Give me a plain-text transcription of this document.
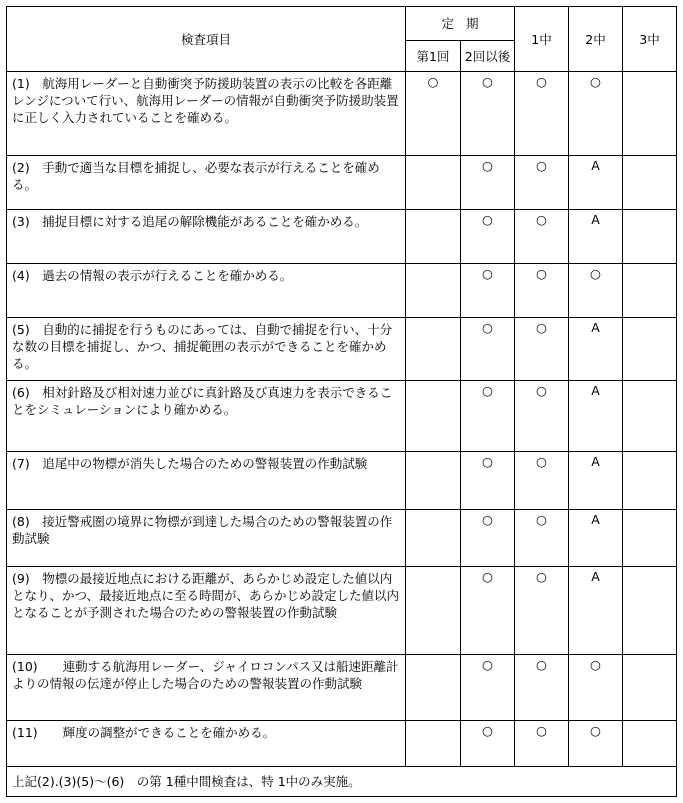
検査項目	定期		1中	2中	3中
	第1回	2回以後			
(1)　航海用レーダーと自動衝突予防援助装置の表示の比較を各距離レンジについて行い、航海用レーダーの情報が自動衝突予防援助装置に正しく入力されていることを確める。	○	○	○	○	
(2)　手動で適当な目標を捕捉し、必要な表示が行えることを確める。		○	○	A	
(3)　捕捉目標に対する追尾の解除機能があることを確かめる。		○	○	A	
(4)　過去の情報の表示が行えることを確かめる。		○	○	○	
(5)　自動的に捕捉を行うものにあっては、自動で捕捉を行い、十分な数の目標を捕捉し、かつ、捕捉範囲の表示ができることを確かめる。		○	○	A	
(6)　相対針路及び相対速力並びに真針路及び真速力を表示できることをシミュレーションにより確かめる。		○	○	A	
(7)　追尾中の物標が消失した場合のための警報装置の作動試験		○	○	A	
(8)　接近警戒圏の境界に物標が到達した場合のための警報装置の作動試験		○	○	A	
(9)　物標の最接近地点における距離が、あらかじめ設定した値以内となり、かつ、最接近地点に至る時間が、あらかじめ設定した値以内となることが予測された場合のための警報装置の作動試験		○	○	A	
(10)　　連動する航海用レーダー、ジャイロコンパス又は船速距離計よりの情報の伝達が停止した場合のための警報装置の作動試験		○	○	○	
(11)　　輝度の調整ができることを確かめる。		○	○	○	
上記(2).(3)(5)～(6)　の第 1種中間検査は、特 1中のみ実施。					
